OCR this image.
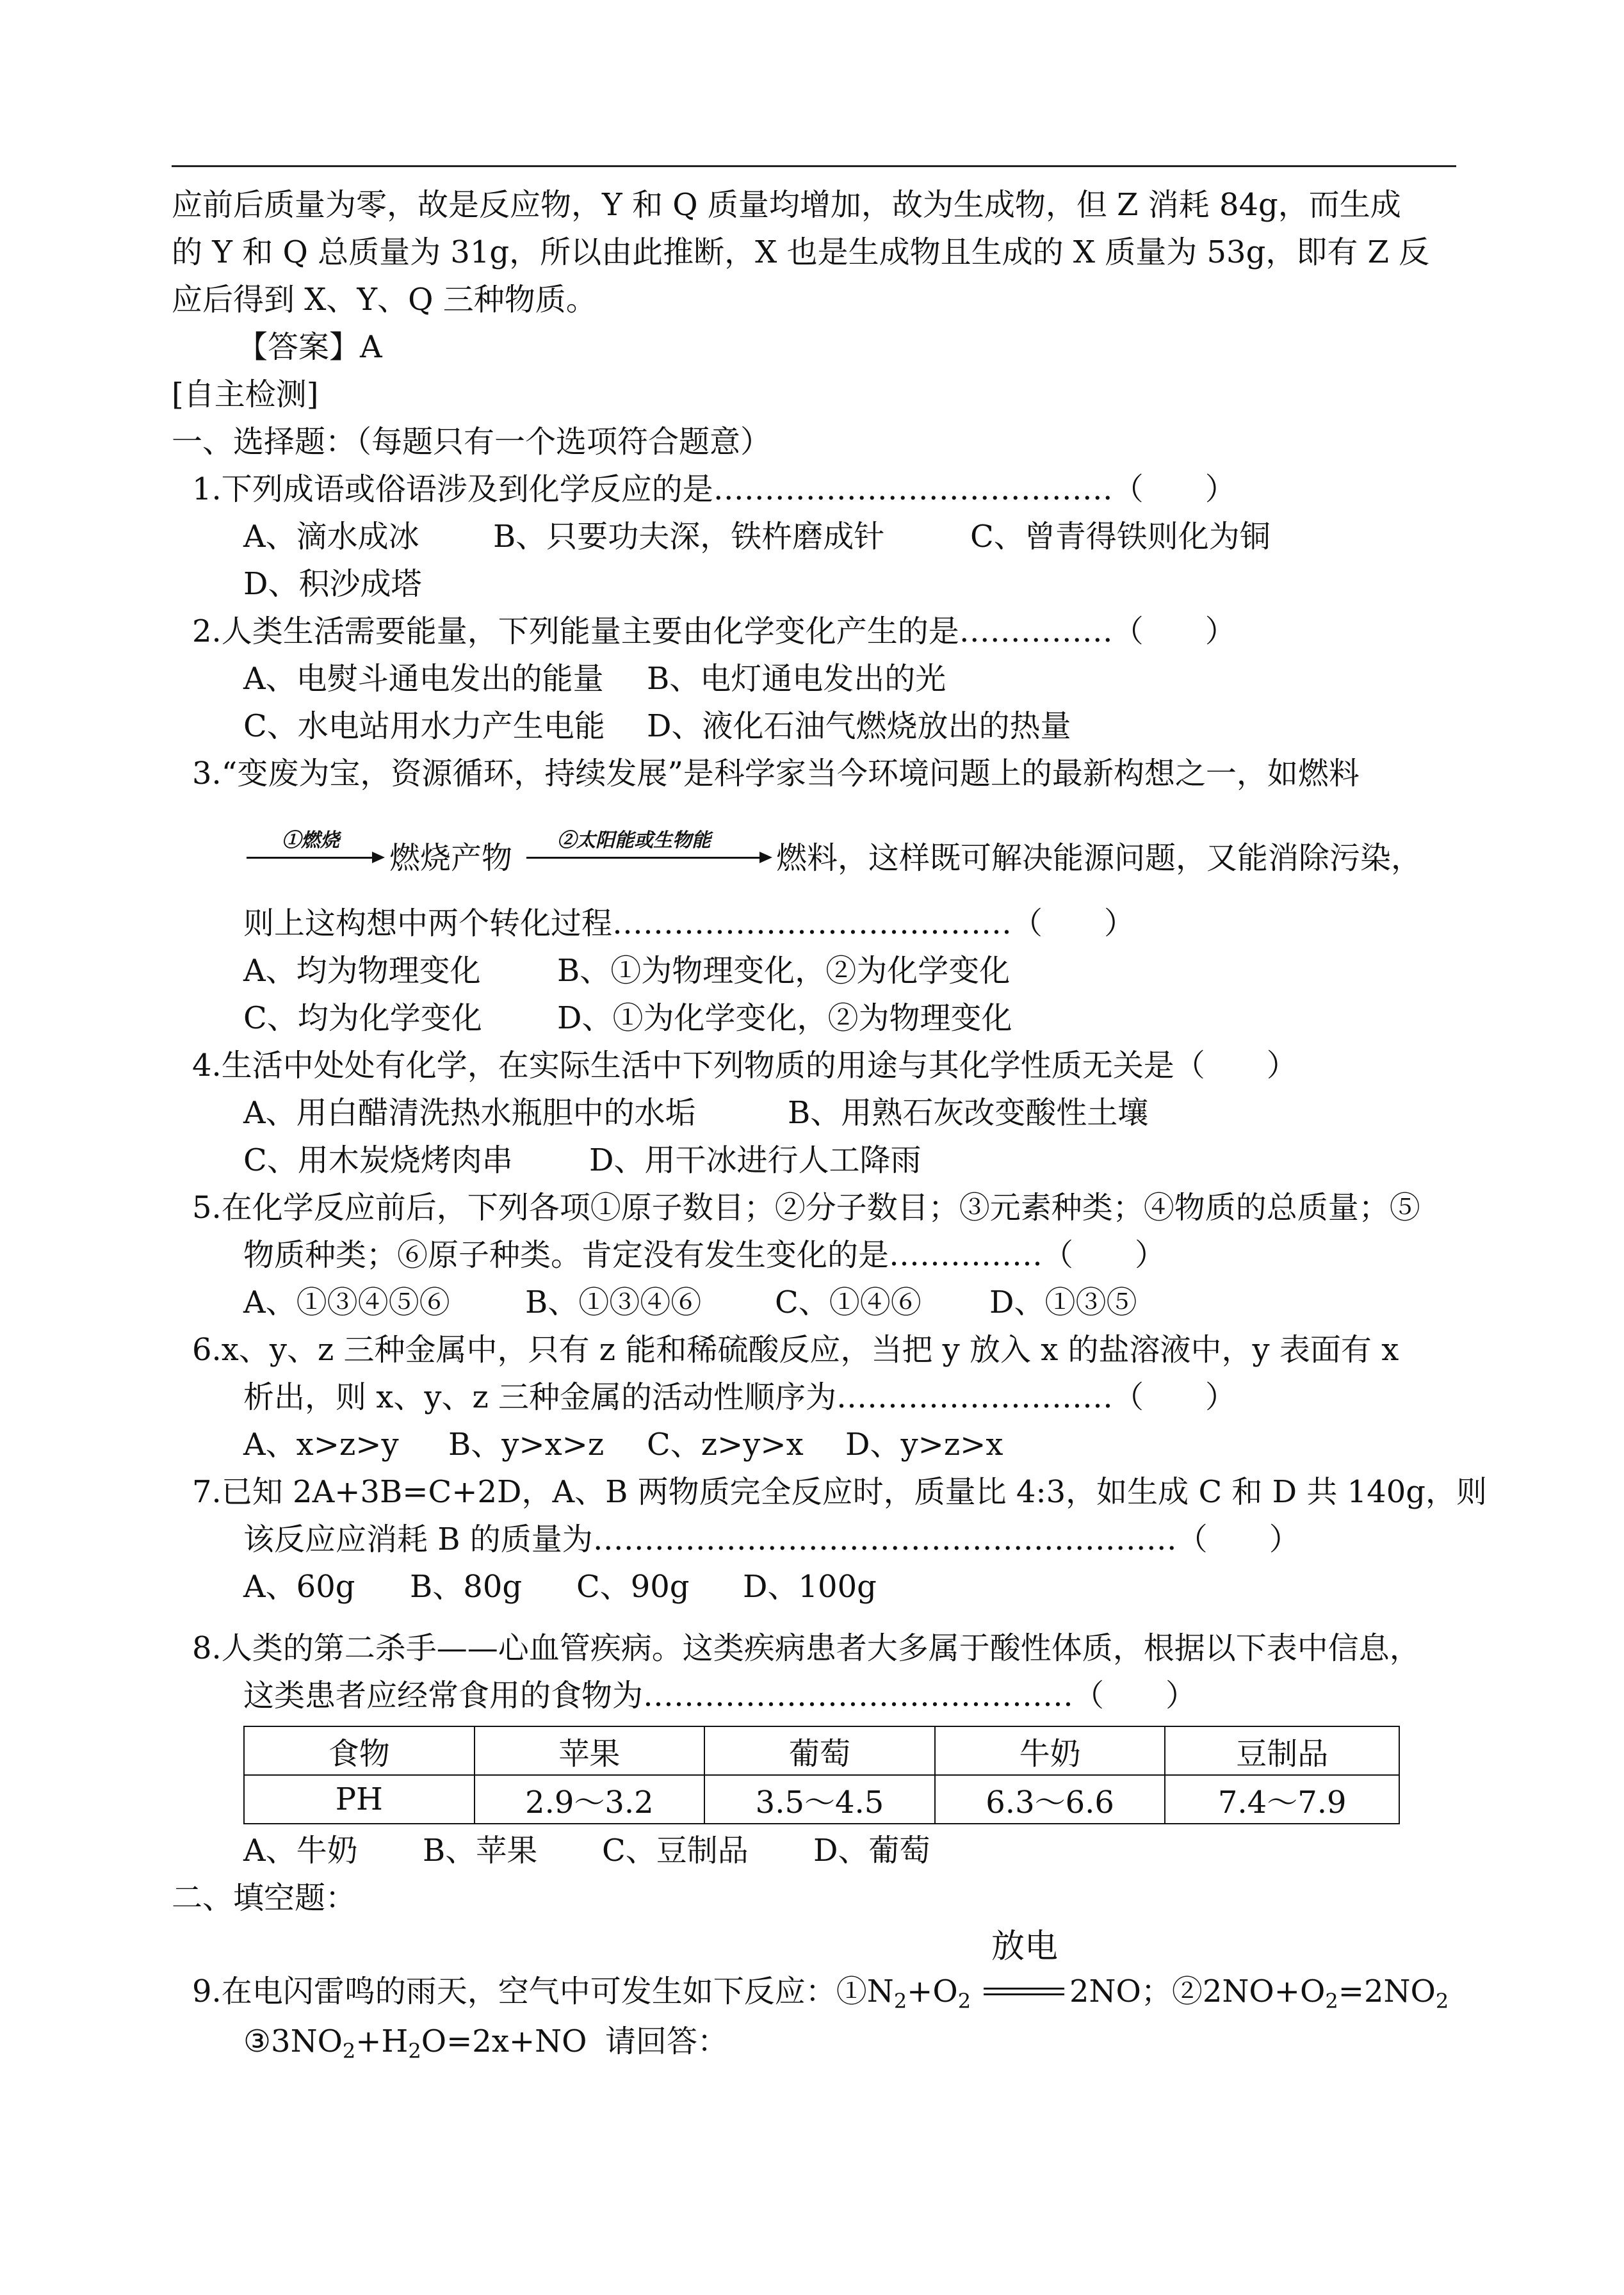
应前后质量为零，故是反应物，Y 和 Q 质量均增加，故为生成物，但 Z 消耗 84g，而生成
的 Y 和 Q 总质量为 31g，所以由此推断，X 也是生成物且生成的 X 质量为 53g，即有 Z 反
应后得到 X、Y、Q 三种物质。
【答案】A
[自主检测]
一、选择题：（每题只有一个选项符合题意）
1.下列成语或俗语涉及到化学反应的是…………………………………（　　）
A、滴水成冰 B、只要功夫深，铁杵磨成针	C、曾青得铁则化为铜
D、积沙成塔
2.人类生活需要能量，下列能量主要由化学变化产生的是……………（　　）
A、电熨斗通电发出的能量 B、电灯通电发出的光
C、水电站用水力产生电能 D、液化石油气燃烧放出的热量
3.“变废为宝，资源循环，持续发展”是科学家当今环境问题上的最新构想之一，如燃料
①燃烧 燃烧产物 ②太阳能或生物能 燃料，这样既可解决能源问题，又能消除污染，
则上这构想中两个转化过程…………………………………（　　）
A、均为物理变化 B、①为物理变化，②为化学变化
C、均为化学变化 D、①为化学变化，②为物理变化
4.生活中处处有化学，在实际生活中下列物质的用途与其化学性质无关是（　　）
A、用白醋清洗热水瓶胆中的水垢	B、用熟石灰改变酸性土壤
C、用木炭烧烤肉串 D、用干冰进行人工降雨
5.在化学反应前后，下列各项①原子数目；②分子数目；③元素种类；④物质的总质量；⑤
物质种类；⑥原子种类。肯定没有发生变化的是……………（　　）
A、①③④⑤⑥ B、①③④⑥ C、①④⑥ D、①③⑤
6.x、y、z 三种金属中，只有 z 能和稀硫酸反应，当把 y 放入 x 的盐溶液中，y 表面有 x
析出，则 x、y、z 三种金属的活动性顺序为………………………（　　）
A、x>z>y B、y>x>z C、z>y>x D、y>z>x
7.已知 2A+3B=C+2D，A、B 两物质完全反应时，质量比 4:3，如生成 C 和 D 共 140g，则
该反应应消耗 B 的质量为…………………………………………………（　　）
A、60g B、80g C、90g D、100g
8.人类的第二杀手——心血管疾病。这类疾病患者大多属于酸性体质，根据以下表中信息，
这类患者应经常食用的食物为……………………………………（　　）
食物	苹果	葡萄	牛奶	豆制品
PH	2.9～3.2	3.5～4.5	6.3～6.6	7.4～7.9
A、牛奶 B、苹果 C、豆制品 D、葡萄
二、填空题：
放电
9.在电闪雷鸣的雨天，空气中可发生如下反应：$①N_2+O_2$	2NO；$②2NO+O_2=2NO_2$
$③3NO_2+H_2O=2x+NO$ 请回答：
